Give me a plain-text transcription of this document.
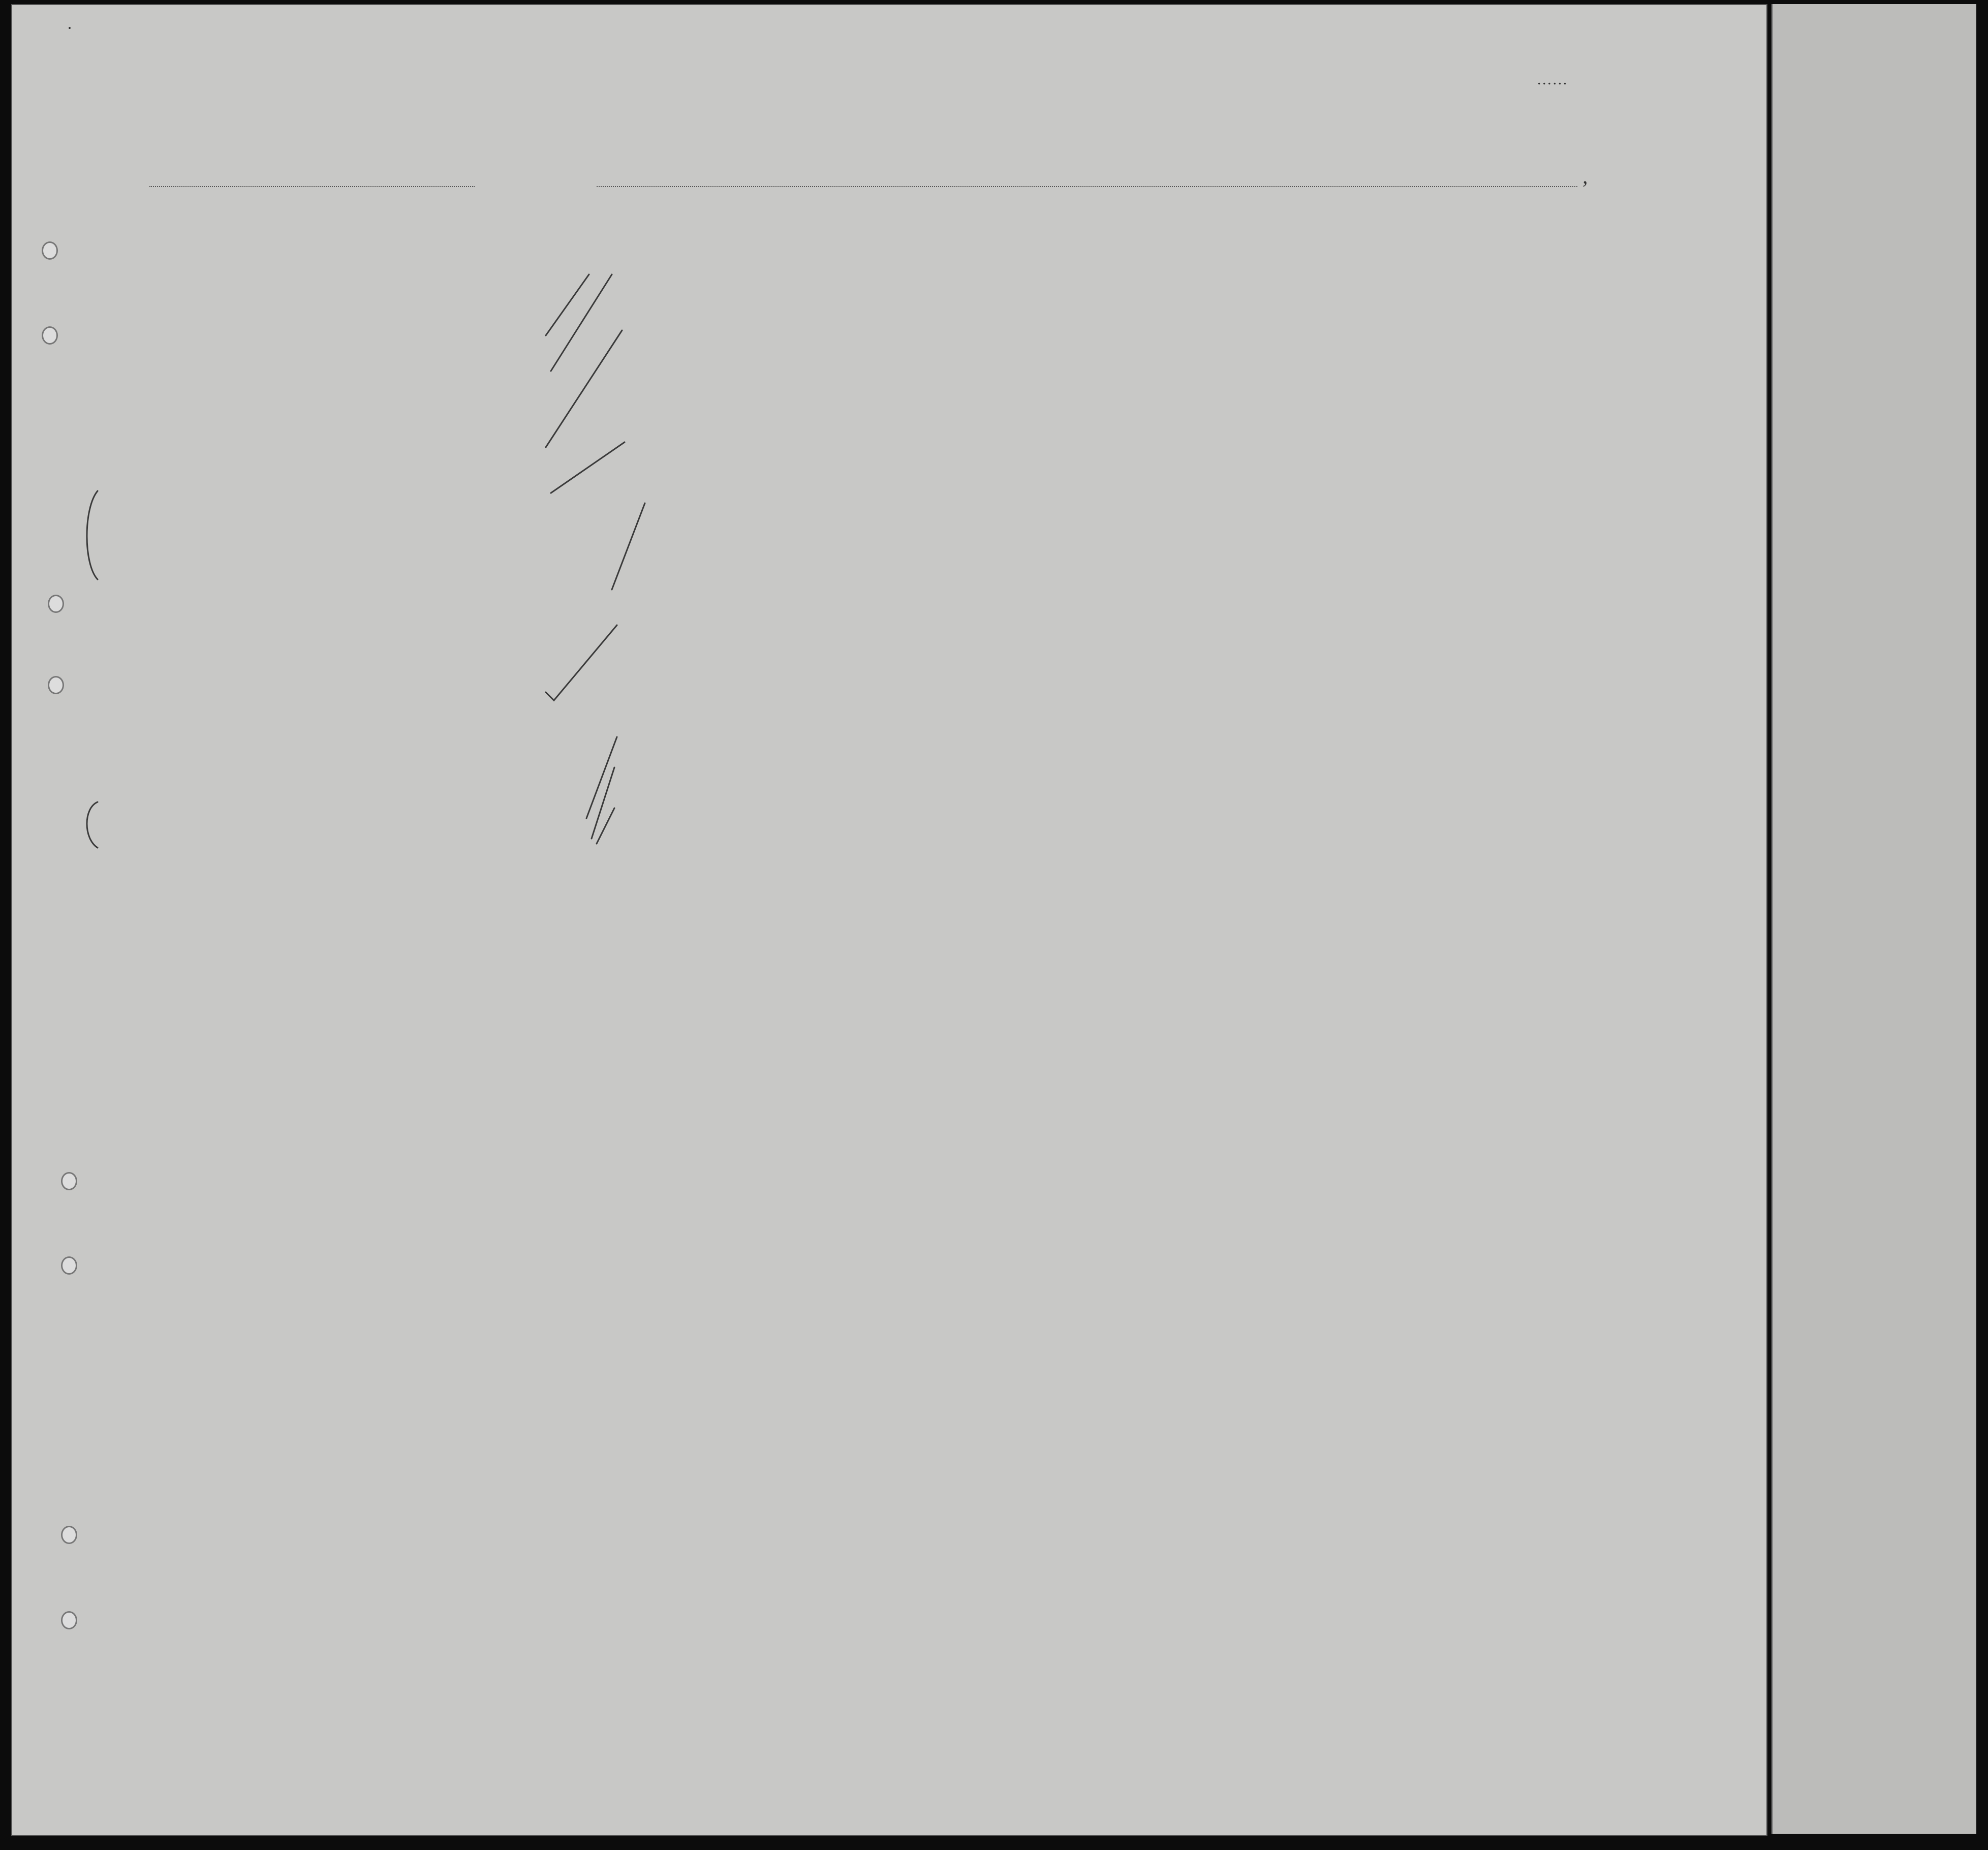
•
……
,
